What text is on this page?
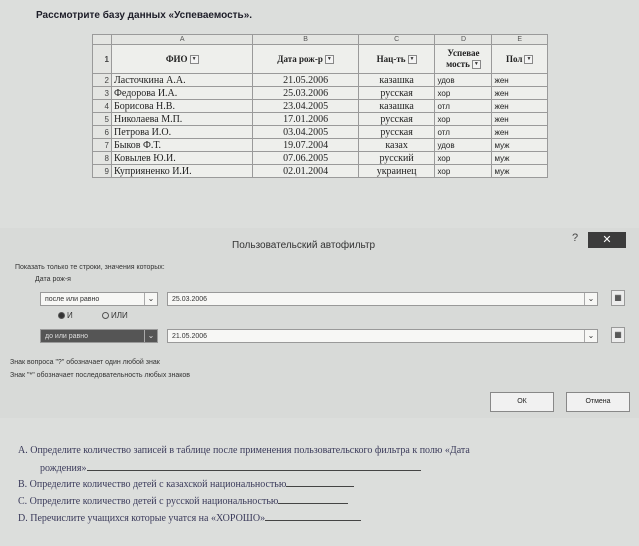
Рассмотрите базу данных «Успеваемость».
	A	B	C	D	E
1	ФИО ▼	Дата рож-р ▼	Нац-ть ▼	Успевае мость ▼	Пол ▼
2	Ласточкина А.А.	21.05.2006	казашка	удов	жен
3	Федорова И.А.	25.03.2006	русская	хор	жен
4	Борисова Н.В.	23.04.2005	казашка	отл	жен
5	Николаева М.П.	17.01.2006	русская	хор	жен
6	Петрова И.О.	03.04.2005	русская	отл	жен
7	Быков Ф.Т.	19.07.2004	казах	удов	муж
8	Ковылев Ю.И.	07.06.2005	русский	хор	муж
9	Куприяненко И.И.	02.01.2004	украинец	хор	муж
Пользовательский автофильтр
?	✕
Показать только те строки, значения которых:
Дата рож-я
после или равно	⌄	25.03.2006	⌄	▦
И	ИЛИ
до или равно	⌄	21.05.2006	⌄	▦
Знак вопроса "?" обозначает один любой знак
Знак "*" обозначает последовательность любых знаков
ОК	Отмена
A. Определите количество записей в таблице после применения пользовательского фильтра к полю «Дата
рождения»
B. Определите количество детей с казахской национальностью
C. Определите количество детей с русской национальностью
D. Перечислите учащихся которые учатся на «ХОРОШО»
